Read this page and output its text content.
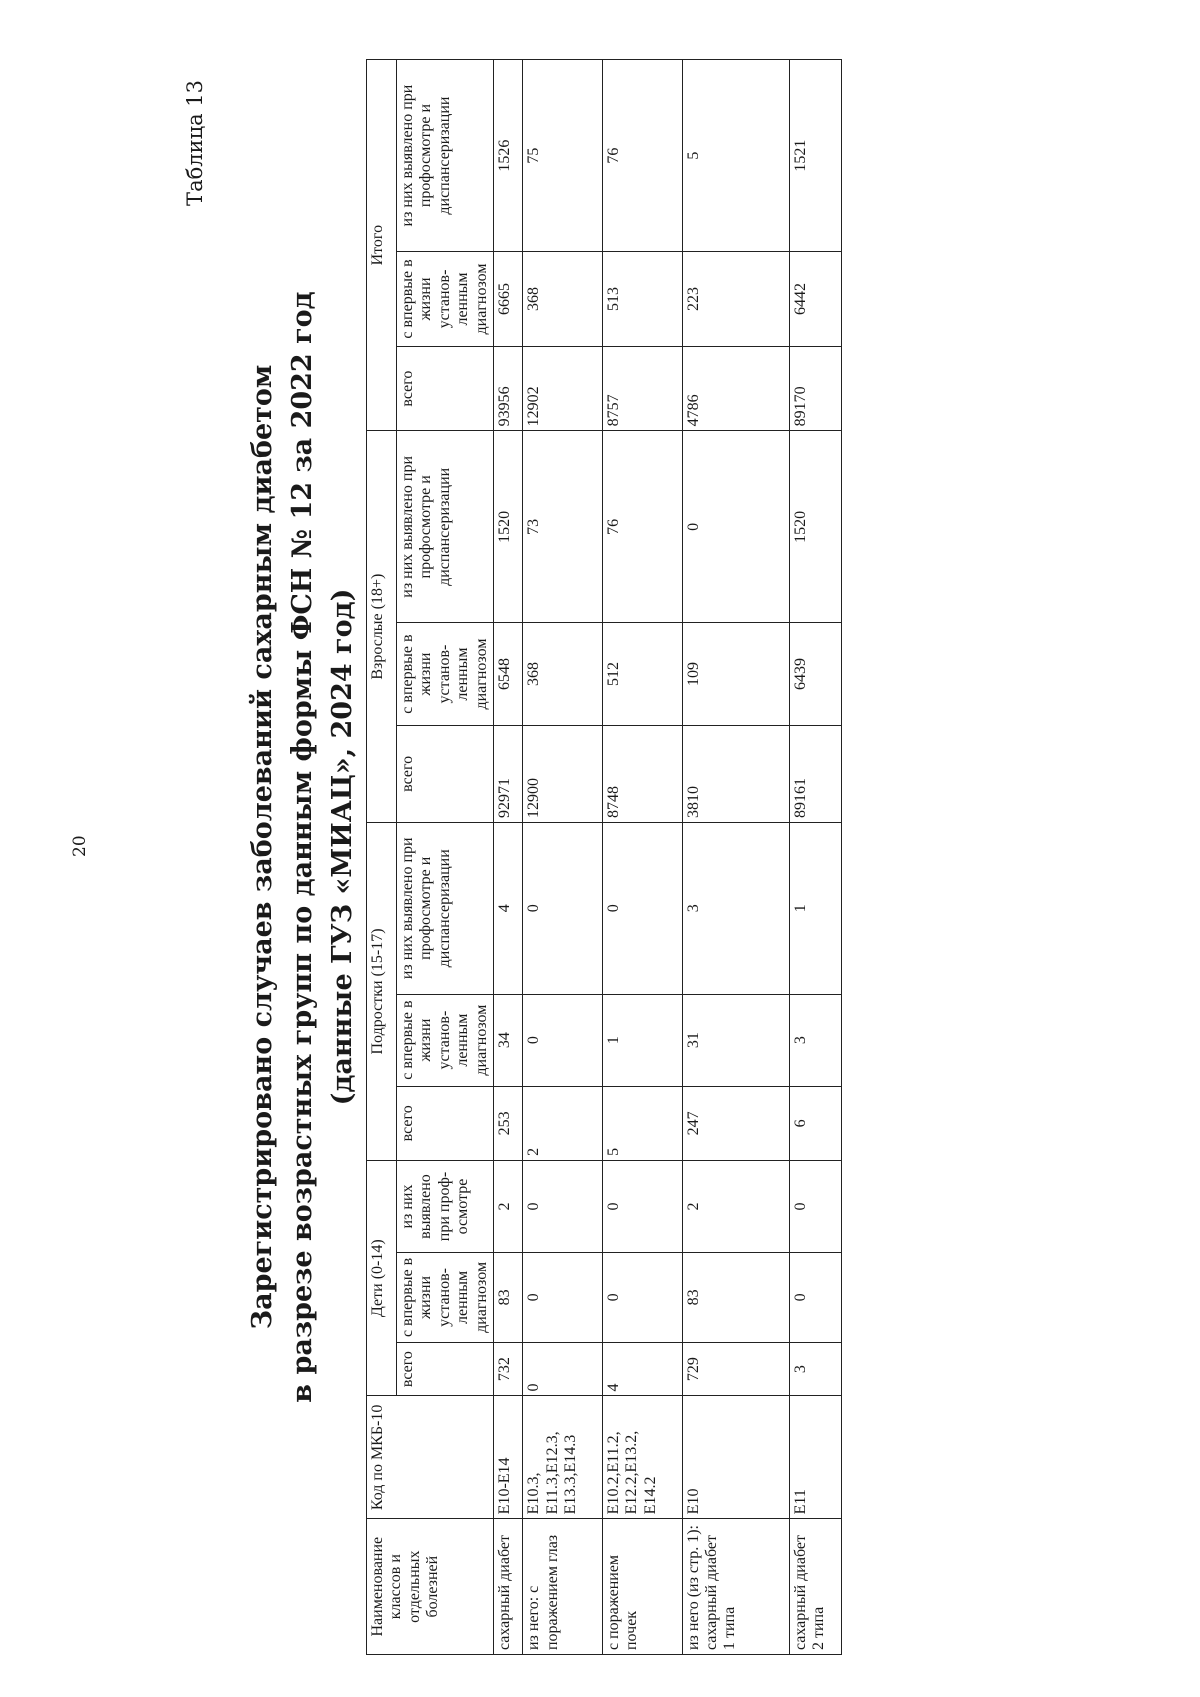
20
Таблица 13
Зарегистрировано случаев заболеваний сахарным диабетом в разрезе возрастных групп по данным формы ФСН № 12 за 2022 год (данные ГУЗ «МИАЦ», 2024 год)
Наименование классов и отдельных болезней	Код по МКБ-10	Дети (0-14)			Подростки (15-17)			Взрослые (18+)			Итого		
		всего	с впервые в жизни установ-ленным диагнозом	из них выявлено при проф-осмотре	всего	с впервые в жизни установ-ленным диагнозом	из них выявлено при профосмотре и диспансеризации	всего	с впервые в жизни установ-ленным диагнозом	из них выявлено при профосмотре и диспансеризации	всего	с впервые в жизни установ-ленным диагнозом	из них выявлено при профосмотре и диспансеризации
сахарный диабет	E10-E14	732	83	2	253	34	4	92971	6548	1520	93956	6665	1526
из него: с поражением глаз	E10.3, E11.3,E12.3, E13.3,E14.3	0	0	0	2	0	0	12900	368	73	12902	368	75
с поражением почек	E10.2,E11.2, E12.2,E13.2, E14.2	4	0	0	5	1	0	8748	512	76	8757	513	76
из него (из стр. 1): сахарный диабет 1 типа	E10	729	83	2	247	31	3	3810	109	0	4786	223	5
сахарный диабет 2 типа	E11	3	0	0	6	3	1	89161	6439	1520	89170	6442	1521
